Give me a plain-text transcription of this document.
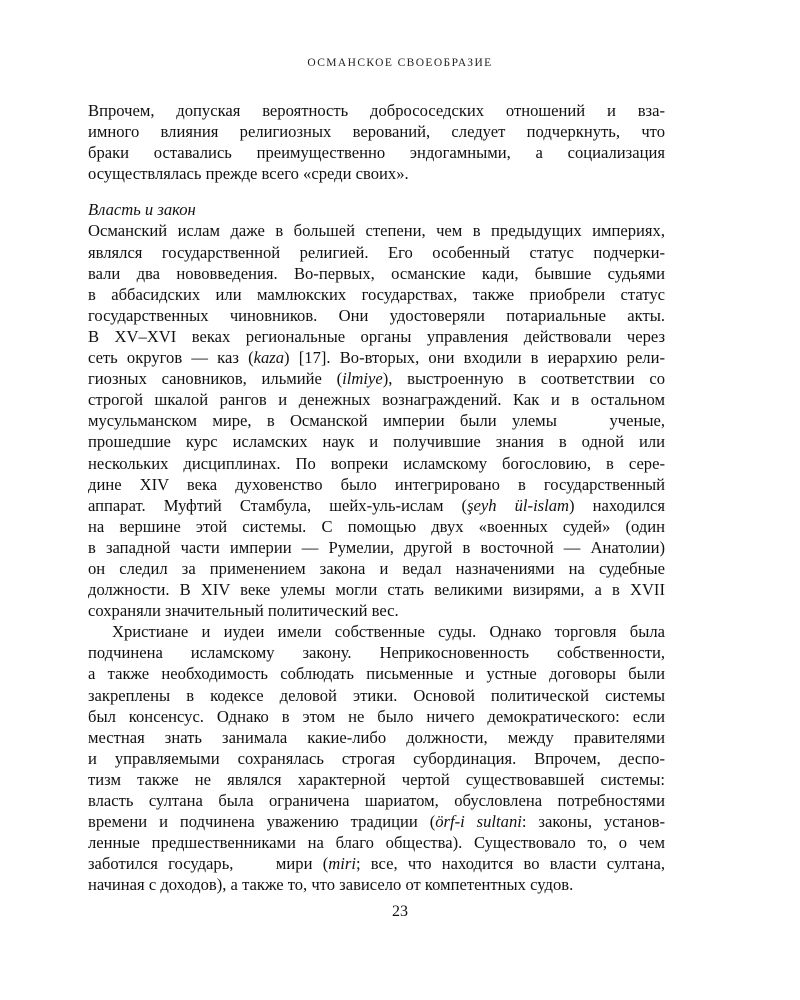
ОСМАНСКОЕ СВОЕОБРАЗИЕ
Впрочем, допуская вероятность добрососедских отношений и вза-
имного влияния религиозных верований, следует подчеркнуть, что
браки оставались преимущественно эндогамными, а социализация
осуществлялась прежде всего «среди своих».
Власть и закон
Османский ислам даже в большей степени, чем в предыдущих империях,
являлся государственной религией. Его особенный статус подчерки-
вали два нововведения. Во-первых, османские кади, бывшие судьями
в аббасидских или мамлюкских государствах, также приобрели статус
государственных чиновников. Они удостоверяли потариальные акты.
В XV–XVI веках региональные органы управления действовали через
сеть округов — каз (kaza) [17]. Во-вторых, они входили в иерархию рели-
гиозных сановников, ильмийе (ilmiye), выстроенную в соответствии со
строгой шкалой рангов и денежных вознаграждений. Как и в остальном
мусульманском мире, в Османской империи были улемы	ученые,
прошедшие курс исламских наук и получившие знания в одной или
нескольких дисциплинах. По вопреки исламскому богословию, в сере-
дине XIV века духовенство было интегрировано в государственный
аппарат. Муфтий Стамбула, шейх-уль-ислам (şeyh ül-islam) находился
на вершине этой системы. С помощью двух «военных судей» (один
в западной части империи — Румелии, другой в восточной — Анатолии)
он следил за применением закона и ведал назначениями на судебные
должности. В XIV веке улемы могли стать великими визирями, а в XVII
сохраняли значительный политический вес.
Христиане и иудеи имели собственные суды. Однако торговля была
подчинена исламскому закону. Неприкосновенность собственности,
а также необходимость соблюдать письменные и устные договоры были
закреплены в кодексе деловой этики. Основой политической системы
был консенсус. Однако в этом не было ничего демократического: если
местная знать занимала какие-либо должности, между правителями
и управляемыми сохранялась строгая субординация. Впрочем, деспо-
тизм также не являлся характерной чертой существовавшей системы:
власть султана была ограничена шариатом, обусловлена потребностями
времени и подчинена уважению традиции (örf-i sultani: законы, установ-
ленные предшественниками на благо общества). Существовало то, о чем
заботился государь,	мири (miri; все, что находится во власти султана,
начиная с доходов), а также то, что зависело от компетентных судов.
23
